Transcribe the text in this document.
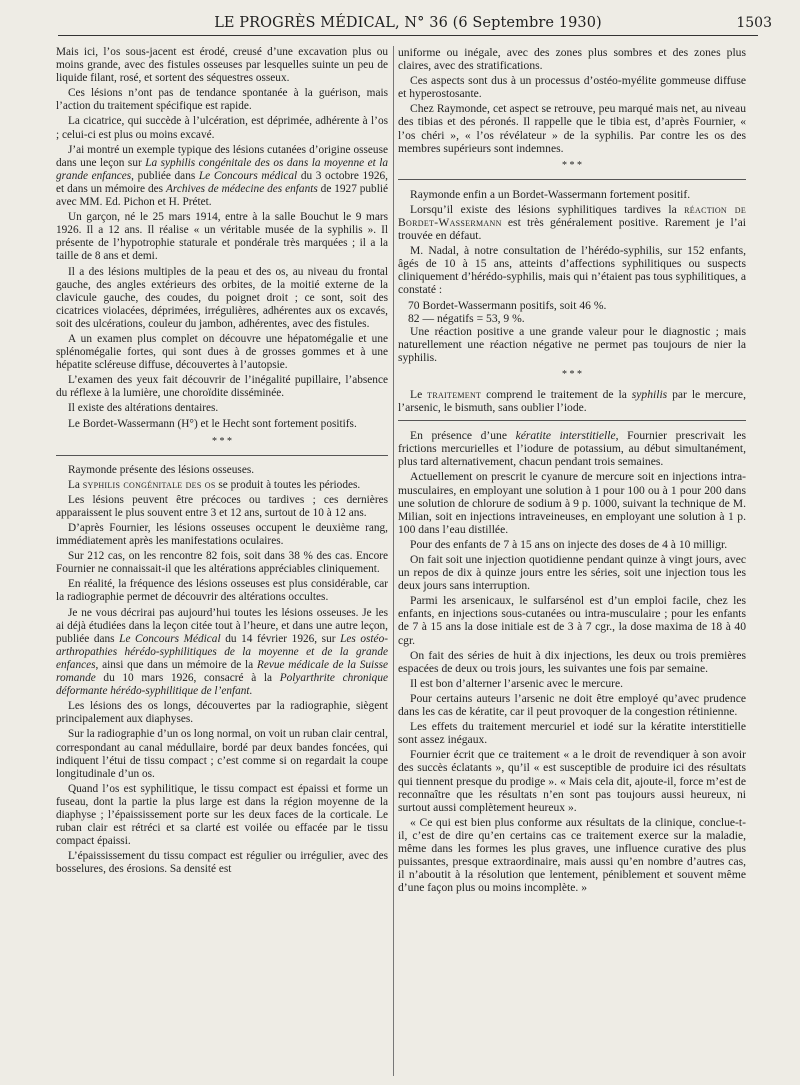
LE PROGRÈS MÉDICAL, N° 36 (6 Septembre 1930)	1503

Mais ici, l’os sous-jacent est érodé, creusé d’une excavation plus ou moins grande, avec des fistules osseuses par lesquelles suinte un peu de liquide filant, rosé, et sortent des séquestres osseux.

Ces lésions n’ont pas de tendance spontanée à la guérison, mais l’action du traitement spécifique est rapide.

La cicatrice, qui succède à l’ulcération, est déprimée, adhérente à l’os ; celui-ci est plus ou moins excavé.

J’ai montré un exemple typique des lésions cutanées d’origine osseuse dans une leçon sur La syphilis congénitale des os dans la moyenne et la grande enfances, publiée dans Le Concours médical du 3 octobre 1926, et dans un mémoire des Archives de médecine des enfants de 1927 publié avec MM. Ed. Pichon et H. Prétet.

Un garçon, né le 25 mars 1914, entre à la salle Bouchut le 9 mars 1926. Il a 12 ans. Il réalise « un véritable musée de la syphilis ». Il présente de l’hypotrophie staturale et pondérale très marquées ; il a la taille de 8 ans et demi.

Il a des lésions multiples de la peau et des os, au niveau du frontal gauche, des angles extérieurs des orbites, de la moitié externe de la clavicule gauche, des coudes, du poignet droit ; ce sont, soit des cicatrices violacées, déprimées, irrégulières, adhérentes aux os excavés, soit des ulcérations, couleur du jambon, adhérentes, avec des fistules.

A un examen plus complet on découvre une hépatomégalie et une splénomégalie fortes, qui sont dues à de grosses gommes et à une hépatite scléreuse diffuse, découvertes à l’autopsie.

L’examen des yeux fait découvrir de l’inégalité pupillaire, l’absence du réflexe à la lumière, une choroïdite disséminée.

Il existe des altérations dentaires.

Le Bordet-Wassermann (H°) et le Hecht sont fortement positifs.

* * *

Raymonde présente des lésions osseuses.

La syphilis congénitale des os se produit à toutes les périodes.

Les lésions peuvent être précoces ou tardives ; ces dernières apparaissent le plus souvent entre 3 et 12 ans, surtout de 10 à 12 ans.

D’après Fournier, les lésions osseuses occupent le deuxième rang, immédiatement après les manifestations oculaires.

Sur 212 cas, on les rencontre 82 fois, soit dans 38 % des cas. Encore Fournier ne connaissait-il que les altérations appréciables cliniquement.

En réalité, la fréquence des lésions osseuses est plus considérable, car la radiographie permet de découvrir des altérations occultes.

Je ne vous décrirai pas aujourd’hui toutes les lésions osseuses. Je les ai déjà étudiées dans la leçon citée tout à l’heure, et dans une autre leçon, publiée dans Le Concours Médical du 14 février 1926, sur Les ostéo-arthropathies hérédo-syphilitiques de la moyenne et de la grande enfances, ainsi que dans un mémoire de la Revue médicale de la Suisse romande du 10 mars 1926, consacré à la Polyarthrite chronique déformante hérédo-syphilitique de l’enfant.

Les lésions des os longs, découvertes par la radiographie, siègent principalement aux diaphyses.

Sur la radiographie d’un os long normal, on voit un ruban clair central, correspondant au canal médullaire, bordé par deux bandes foncées, qui indiquent l’étui de tissu compact ; c’est comme si on regardait la coupe longitudinale d’un os.

Quand l’os est syphilitique, le tissu compact est épaissi et forme un fuseau, dont la partie la plus large est dans la région moyenne de la diaphyse ; l’épaississement porte sur les deux faces de la corticale. Le ruban clair est rétréci et sa clarté est voilée ou effacée par le tissu compact épaissi.

L’épaississement du tissu compact est régulier ou irrégulier, avec des bosselures, des érosions. Sa densité est

uniforme ou inégale, avec des zones plus sombres et des zones plus claires, avec des stratifications.

Ces aspects sont dus à un processus d’ostéo-myélite gommeuse diffuse et hyperostosante.

Chez Raymonde, cet aspect se retrouve, peu marqué mais net, au niveau des tibias et des péronés. Il rappelle que le tibia est, d’après Fournier, « l’os chéri », « l’os révélateur » de la syphilis. Par contre les os des membres supérieurs sont indemnes.

* * *

Raymonde enfin a un Bordet-Wassermann fortement positif.

Lorsqu’il existe des lésions syphilitiques tardives la réaction de Bordet-Wassermann est très généralement positive. Rarement je l’ai trouvée en défaut.

M. Nadal, à notre consultation de l’hérédo-syphilis, sur 152 enfants, âgés de 10 à 15 ans, atteints d’affections syphilitiques ou suspects cliniquement d’hérédo-syphilis, mais qui n’étaient pas tous syphilitiques, a constaté :

70 Bordet-Wassermann positifs, soit 46 %.

82 — négatifs = 53, 9 %.

Une réaction positive a une grande valeur pour le diagnostic ; mais naturellement une réaction négative ne permet pas toujours de nier la syphilis.

* * *

Le traitement comprend le traitement de la syphilis par le mercure, l’arsenic, le bismuth, sans oublier l’iode.

En présence d’une kératite interstitielle, Fournier prescrivait les frictions mercurielles et l’iodure de potassium, au début simultanément, plus tard alternativement, chacun pendant trois semaines.

Actuellement on prescrit le cyanure de mercure soit en injections intra-musculaires, en employant une solution à 1 pour 100 ou à 1 pour 200 dans une solution de chlorure de sodium à 9 p. 1000, suivant la technique de M. Milian, soit en injections intraveineuses, en employant une solution à 1 p. 100 dans l’eau distillée.

Pour des enfants de 7 à 15 ans on injecte des doses de 4 à 10 milligr.

On fait soit une injection quotidienne pendant quinze à vingt jours, avec un repos de dix à quinze jours entre les séries, soit une injection tous les deux jours sans interruption.

Parmi les arsenicaux, le sulfarsénol est d’un emploi facile, chez les enfants, en injections sous-cutanées ou intra-musculaire ; pour les enfants de 7 à 15 ans la dose initiale est de 3 à 7 cgr., la dose maxima de 18 à 40 cgr.

On fait des séries de huit à dix injections, les deux ou trois premières espacées de deux ou trois jours, les suivantes une fois par semaine.

Il est bon d’alterner l’arsenic avec le mercure.

Pour certains auteurs l’arsenic ne doit être employé qu’avec prudence dans les cas de kératite, car il peut provoquer de la congestion rétinienne.

Les effets du traitement mercuriel et iodé sur la kératite interstitielle sont assez inégaux.

Fournier écrit que ce traitement « a le droit de revendiquer à son avoir des succès éclatants », qu’il « est susceptible de produire ici des résultats qui tiennent presque du prodige ». « Mais cela dit, ajoute-il, force m’est de reconnaître que les résultats n’en sont pas toujours aussi heureux, ni surtout aussi complètement heureux ».

« Ce qui est bien plus conforme aux résultats de la clinique, conclue-t-il, c’est de dire qu’en certains cas ce traitement exerce sur la maladie, même dans les formes les plus graves, une influence curative des plus puissantes, presque extraordinaire, mais aussi qu’en nombre d’autres cas, il n’aboutit à la résolution que lentement, péniblement et souvent même d’une façon plus ou moins incomplète. »
